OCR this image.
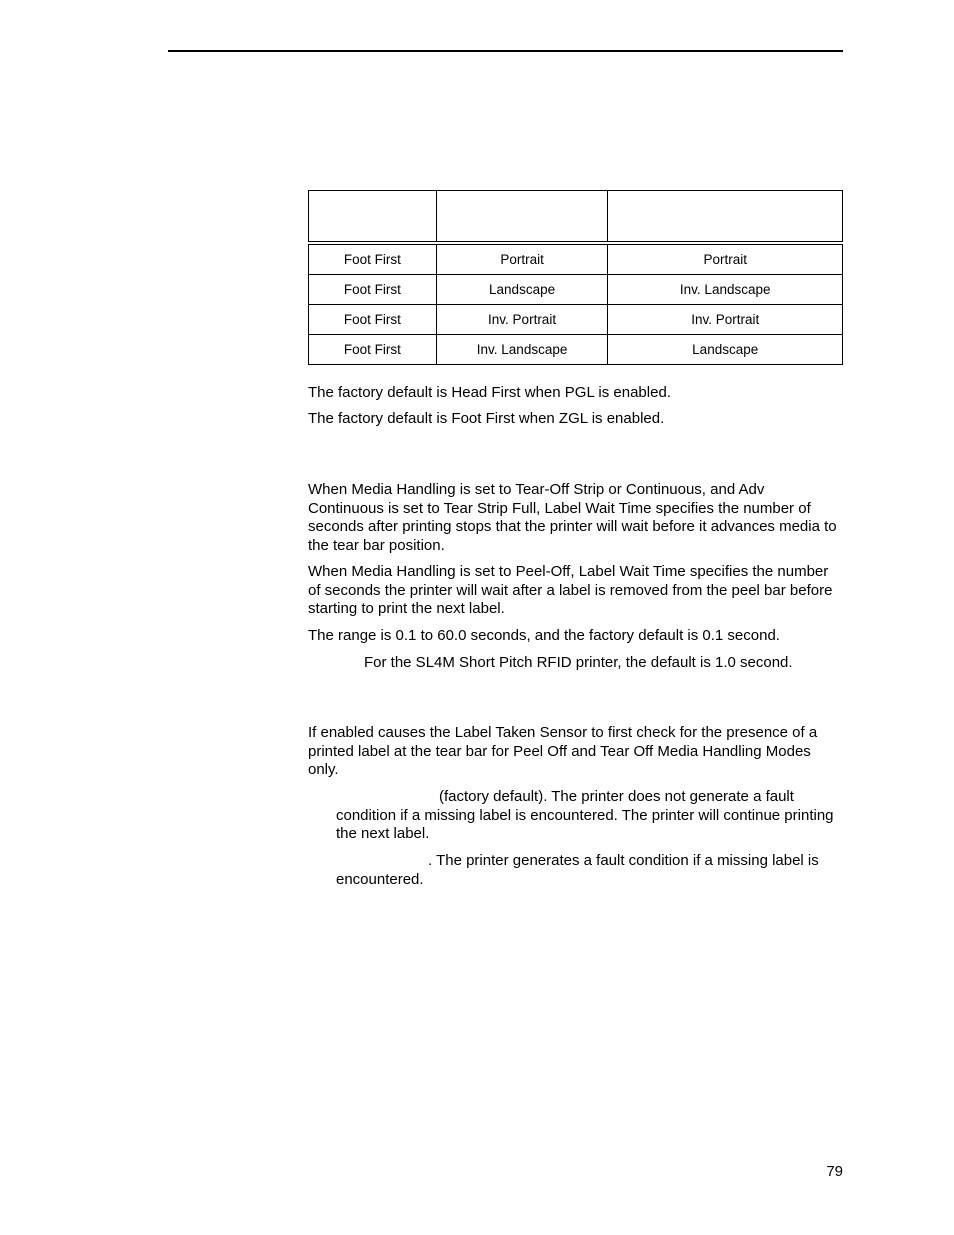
Foot First	Portrait	Portrait
Foot First	Landscape	Inv. Landscape
Foot First	Inv. Portrait	Inv. Portrait
Foot First	Inv. Landscape	Landscape

The factory default is Head First when PGL is enabled.

The factory default is Foot First when ZGL is enabled.

When Media Handling is set to Tear-Off Strip or Continuous, and Adv Continuous is set to Tear Strip Full, Label Wait Time specifies the number of seconds after printing stops that the printer will wait before it advances media to the tear bar position.

When Media Handling is set to Peel-Off, Label Wait Time specifies the number of seconds the printer will wait after a label is removed from the peel bar before starting to print the next label.

The range is 0.1 to 60.0 seconds, and the factory default is 0.1 second.

For the SL4M Short Pitch RFID printer, the default is 1.0 second.

If enabled causes the Label Taken Sensor to first check for the presence of a printed label at the tear bar for Peel Off and Tear Off Media Handling Modes only.

(factory default). The printer does not generate a fault condition if a missing label is encountered. The printer will continue printing the next label.

. The printer generates a fault condition if a missing label is encountered.

79
